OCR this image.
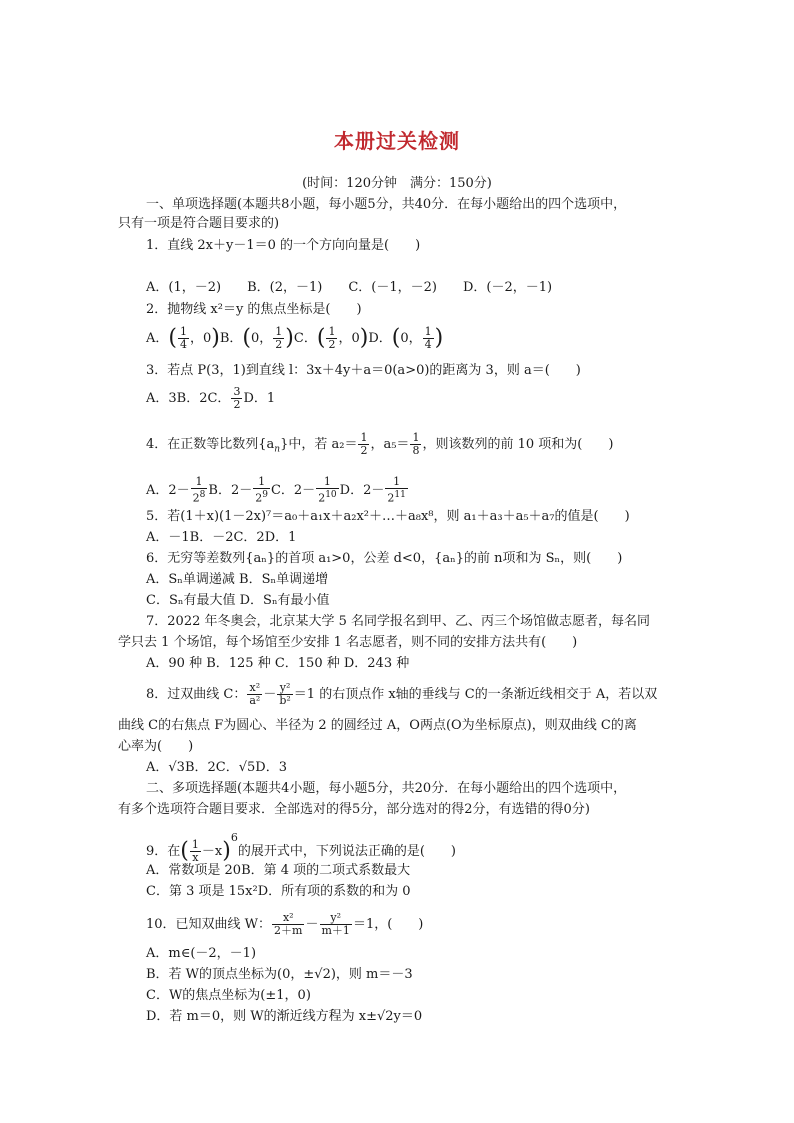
本册过关检测
(时间：120分钟　满分：150分)
一、单项选择题(本题共8小题，每小题5分，共40分．在每小题给出的四个选项中，
只有一项是符合题目要求的)
1．直线 2x＋y－1＝0 的一个方向向量是(　　)
A．(1，－2)　　B．(2，－1)　　C．(－1，－2)　　D．(－2，－1)
2．抛物线 x²＝y 的焦点坐标是(　　)
A．( $\frac{1}{4}$ ，0)B．(0， $\frac{1}{2} )C$．( $\frac{1}{2}$ ，0)D．(0， $\frac{1}{4}$ )
3．若点 P(3，1)到直线 l：3x＋4y＋a＝0(a>0)的距离为 3，则 a＝(　　)
A．3B．2C． $\frac{3}{2}$ D．1
4．在正数等比数列$\{a_n\}$中，若 $a_2= \frac{1}{2}$ ，$a_5= \frac{1}{8}$ ，则该数列的前 10 项和为(　　)
A．$2- \frac{1}{2^8}$ B．$2- \frac{1}{2^9}$ C．$2- \frac{1}{2^{10}}$ D．$2- \frac{1}{2^{11}}$
5．若(1＋x)(1－2x)⁷＝a₀＋a₁x＋a₂x²＋…＋a₈x⁸，则 a₁＋a₃＋a₅＋a₇的值是(　　)
A．－1B．－2C．2D．1
6．无穷等差数列{aₙ}的首项 a₁>0，公差 d<0，{aₙ}的前 n项和为 Sₙ，则(　　)
A．Sₙ单调递减 B．Sₙ单调递增
C．Sₙ有最大值 D．Sₙ有最小值
7．2022 年冬奥会，北京某大学 5 名同学报名到甲、乙、丙三个场馆做志愿者，每名同
学只去 1 个场馆，每个场馆至少安排 1 名志愿者，则不同的安排方法共有(　　)
A．90 种 B．125 种 C．150 种 D．243 种
8．过双曲线 C： $\frac{\text{x²}}{\text{a²}} - \frac{\text{y²}}{\text{b²}} =1$ 的右顶点作 x轴的垂线与 C的一条渐近线相交于 A，若以双
曲线 C的右焦点 F为圆心、半径为 2 的圆经过 A，O两点(O为坐标原点)，则双曲线 C的离
心率为(　　)
A．√3B．2C．√5D．3
二、多项选择题(本题共4小题，每小题5分，共20分．在每小题给出的四个选项中，
有多个选项符合题目要求．全部选对的得5分，部分选对的得2分，有选错的得0分)
9．在( $\frac{1}{x} -x)^6$的展开式中，下列说法正确的是(　　)
A．常数项是 20B．第 4 项的二项式系数最大
C．第 3 项是 15x²D．所有项的系数的和为 0
10．已知双曲线 W： $\frac{\text{x²}}{2+m} - \frac{\text{y²}}{m+1} =1$，(　　)
A．m∈(－2，－1)
B．若 W的顶点坐标为(0，±√2)，则 m＝－3
C．W的焦点坐标为(±1，0)
D．若 m＝0，则 W的渐近线方程为 x±√2y＝0
